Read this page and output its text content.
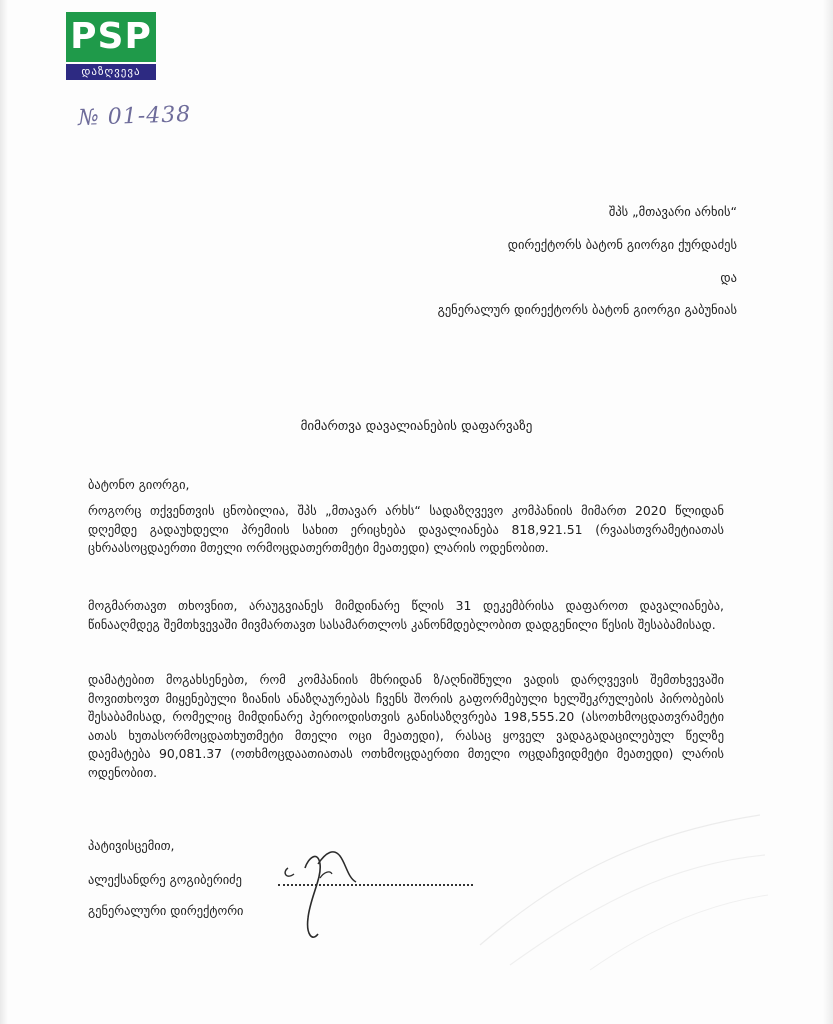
PSP
დაზღვევა
№ 01-438
შპს „მთავარი არხის“
დირექტორს ბატონ გიორგი ქურდაძეს
და
გენერალურ დირექტორს ბატონ გიორგი გაბუნიას
მიმართვა დავალიანების დაფარვაზე
ბატონო გიორგი,
როგორც თქვენთვის ცნობილია, შპს „მთავარ არხს“ სადაზღვევო კომპანიის მიმართ 2020 წლიდან დღემდე გადაუხდელი პრემიის სახით ერიცხება დავალიანება 818,921.51 (რვაასთვრამეტიათას ცხრაასოცდაერთი მთელი ორმოცდათერთმეტი მეათედი) ლარის ოდენობით.
მოგმართავთ თხოვნით, არაუგვიანეს მიმდინარე წლის 31 დეკემბრისა დაფაროთ დავალიანება, წინააღმდეგ შემთხვევაში მივმართავთ სასამართლოს კანონმდებლობით დადგენილი წესის შესაბამისად.
დამატებით მოგახსენებთ, რომ კომპანიის მხრიდან ზ/აღნიშნული ვადის დარღვევის შემთხვევაში მოვითხოვთ მიყენებული ზიანის ანაზღაურებას ჩვენს შორის გაფორმებული ხელშეკრულების პირობების შესაბამისად, რომელიც მიმდინარე პერიოდისთვის განისაზღვრება 198,555.20 (ასოთხმოცდათვრამეტი ათას ხუთასორმოცდათხუთმეტი მთელი ოცი მეათედი), რასაც ყოველ ვადაგადაცილებულ წელზე დაემატება 90,081.37 (ოთხმოცდაათიათას ოთხმოცდაერთი მთელი ოცდაჩვიდმეტი მეათედი) ლარის ოდენობით.
პატივისცემით,
ალექსანდრე გოგიბერიძე
გენერალური დირექტორი
